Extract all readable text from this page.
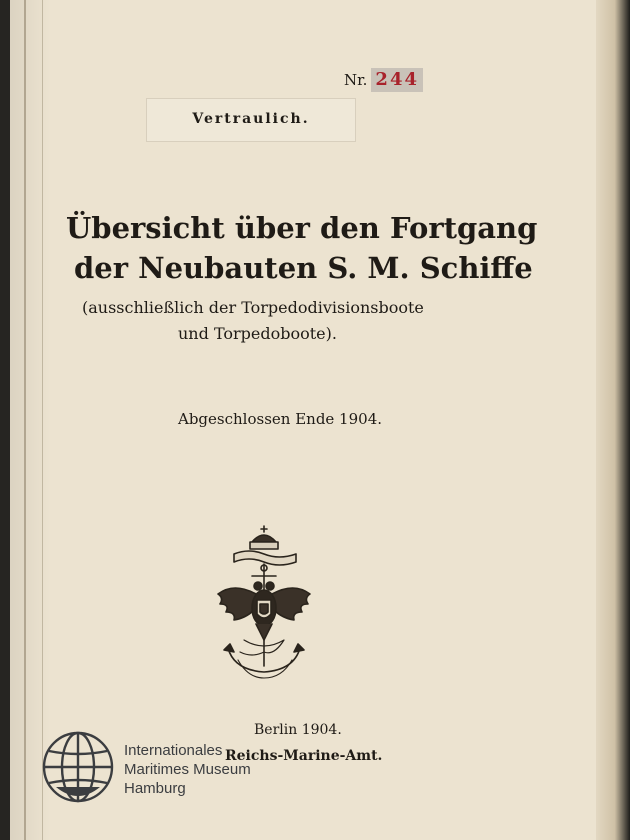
Nr. 244
Vertraulich.
Übersicht über den Fortgang
der Neubauten S. M. Schiffe
(ausschließlich der Torpedodivisionsboote
und Torpedoboote).
Abgeschlossen Ende 1904.
Berlin 1904.
Reichs-Marine-Amt.
Internationales
Maritimes Museum
Hamburg
